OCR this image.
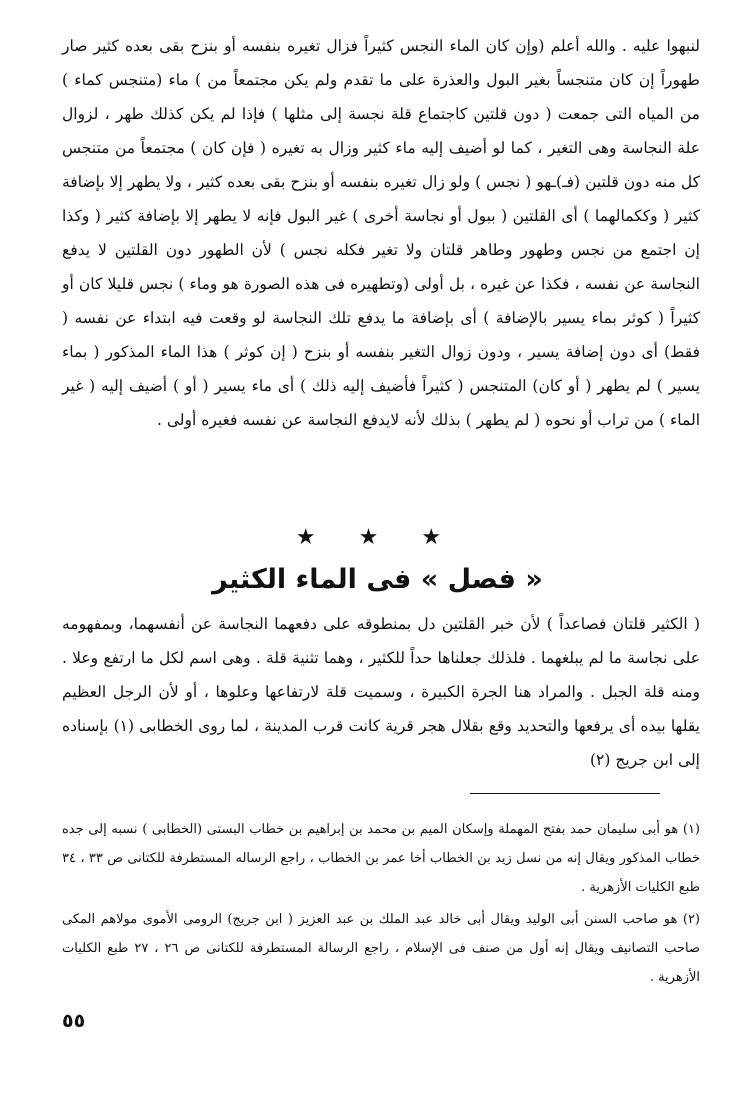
لنبهوا عليه . والله أعلم (وإن كان الماء النجس كثيراً فزال تغيره بنفسه أو بنزح بقى بعده كثير صار طهوراً إن كان متنجساً بغير البول والعذرة على ما تقدم ولم يكن مجتمعاً من ) ماء (متنجس كماء ) من المياه التى جمعت ( دون قلتين كاجتماع قلة نجسة إلى مثلها ) فإذا لم يكن كذلك طهر ، لزوال علة النجاسة وهى التغير ، كما لو أضيف إليه ماء كثير وزال به تغيره ( فإن كان ) مجتمعاً من متنجس كل منه دون قلتين (فـ)ـهو ( نجس ) ولو زال تغيره بنفسه أو بنزح بقى بعده كثير ، ولا يطهر إلا بإضافة كثير ( وككمالهما ) أى القلتين ( ببول أو نجاسة أخرى ) غير البول فإنه لا يطهر إلا بإضافة كثير ( وكذا إن اجتمع من نجس وطهور وطاهر قلتان ولا تغير فكله نجس ) لأن الطهور دون القلتين لا يدفع النجاسة عن نفسه ، فكذا عن غيره ، بل أولى (وتطهيره فى هذه الصورة هو وماء ) نجس قليلا كان أو كثيراً ( كوثر بماء يسير بالإضافة ) أى بإضافة ما يدفع تلك النجاسة لو وقعت فيه ابتداء عن نفسه ( فقط) أى دون إضافة يسير ، ودون زوال التغير بنفسه أو بنزح ( إن كوثر ) هذا الماء المذكور ( بماء يسير ) لم يطهر ( أو كان) المتنجس ( كثيراً فأضيف إليه ذلك ) أى ماء يسير ( أو ) أضيف إليه ( غير الماء ) من تراب أو نحوه ( لم يطهر ) بذلك لأنه لايدفع النجاسة عن نفسه فغيره أولى .

★ ★ ★
« فصل » فى الماء الكثير

( الكثير قلتان فصاعداً ) لأن خبر القلتين دل بمنطوقه على دفعهما النجاسة عن أنفسهما، وبمفهومه على نجاسة ما لم يبلغهما . فلذلك جعلناها حداً للكثير ، وهما تثنية قلة . وهى اسم لكل ما ارتفع وعلا . ومنه قلة الجبل . والمراد هنا الجرة الكبيرة ، وسميت قلة لارتفاعها وعلوها ، أو لأن الرجل العظيم يقلها بيده أى يرفعها والتحديد وقع بقلال هجر قرية كانت قرب المدينة ، لما روى الخطابى (١) بإسناده إلى ابن جريج (٢)

(١) هو أبى سليمان حمد بفتح المهملة وإسكان الميم بن محمد بن إبراهيم بن خطاب البستى (الخطابى ) نسبه إلى جده خطاب المذكور ويقال إنه من نسل زيد بن الخطاب أخا عمر بن الخطاب ، راجع الرساله المستطرفة للكتانى ص ٣٣ ، ٣٤ طبع الكليات الأزهرية .

(٢) هو صاحب السنن أبى الوليد ويقال أبى خالد عبد الملك بن عبد العزيز ( ابن جريج) الرومى الأموى مولاهم المكى صاحب التصانيف ويقال إنه أول من صنف فى الإسلام ، راجع الرسالة المستطرفة للكتانى ص ٢٦ ، ٢٧ طبع الكليات الأزهرية .

٥٥
